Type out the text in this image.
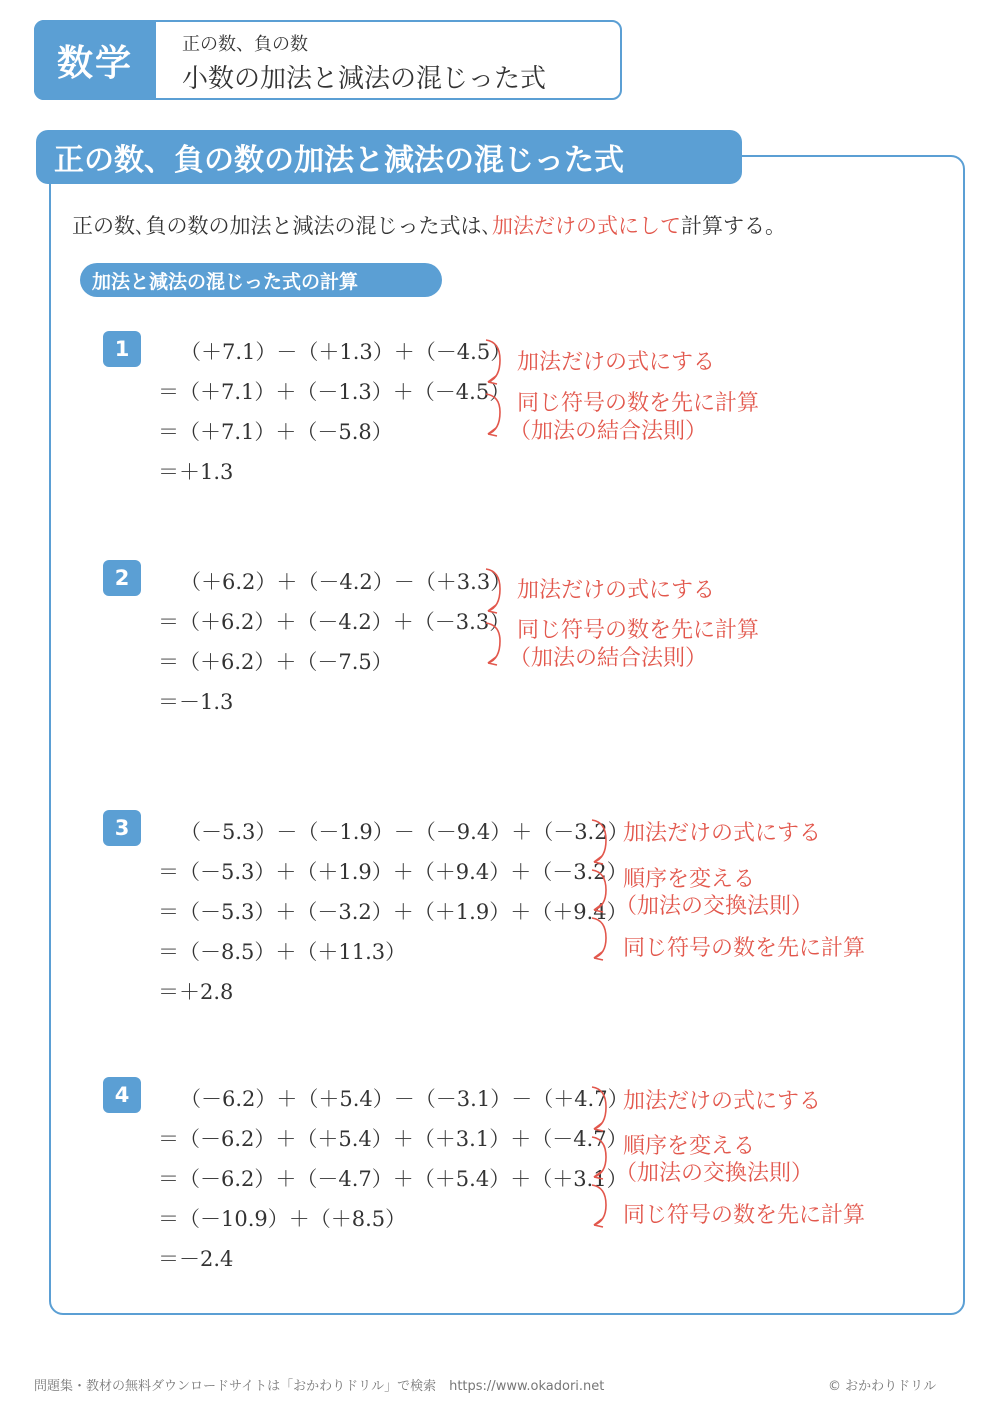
数学	正の数、負の数
小数の加法と減法の混じった式
正の数、負の数の加法と減法の混じった式
正の数､負の数の加法と減法の混じった式は､加法だけの式にして計算する。
加法と減法の混じった式の計算
1	（＋7.1）－（＋1.3）＋（－4.5）
＝（＋7.1）＋（－1.3）＋（－4.5）
＝（＋7.1）＋（－5.8）
＝＋1.3
加法だけの式にする
同じ符号の数を先に計算
（加法の結合法則）
2	（＋6.2）＋（－4.2）－（＋3.3）
＝（＋6.2）＋（－4.2）＋（－3.3）
＝（＋6.2）＋（－7.5）
＝－1.3
加法だけの式にする
同じ符号の数を先に計算
（加法の結合法則）
3	（－5.3）－（－1.9）－（－9.4）＋（－3.2）
＝（－5.3）＋（＋1.9）＋（＋9.4）＋（－3.2）
＝（－5.3）＋（－3.2）＋（＋1.9）＋（＋9.4）
＝（－8.5）＋（＋11.3）
＝＋2.8
加法だけの式にする
順序を変える
（加法の交換法則）
同じ符号の数を先に計算
4	（－6.2）＋（＋5.4）－（－3.1）－（＋4.7）
＝（－6.2）＋（＋5.4）＋（＋3.1）＋（－4.7）
＝（－6.2）＋（－4.7）＋（＋5.4）＋（＋3.1）
＝（－10.9）＋（＋8.5）
＝－2.4
加法だけの式にする
順序を変える
（加法の交換法則）
同じ符号の数を先に計算
問題集・教材の無料ダウンロードサイトは「おかわりドリル」で検索　https://www.okadori.net	© おかわりドリル
